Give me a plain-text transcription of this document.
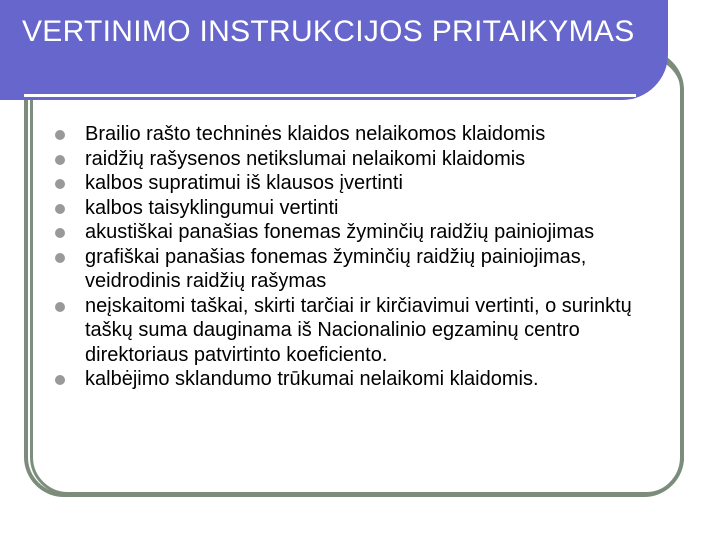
VERTINIMO INSTRUKCIJOS PRITAIKYMAS
Brailio rašto techninės klaidos nelaikomos klaidomis
raidžių rašysenos netikslumai nelaikomi klaidomis
kalbos supratimui iš klausos įvertinti
kalbos taisyklingumui vertinti
akustiškai panašias fonemas žyminčių raidžių painiojimas
grafiškai panašias fonemas žyminčių raidžių painiojimas, veidrodinis raidžių rašymas
neįskaitomi taškai, skirti tarčiai ir kirčiavimui vertinti, o surinktų taškų suma dauginama iš Nacionalinio egzaminų centro direktoriaus patvirtinto koeficiento.
kalbėjimo sklandumo trūkumai nelaikomi klaidomis.
